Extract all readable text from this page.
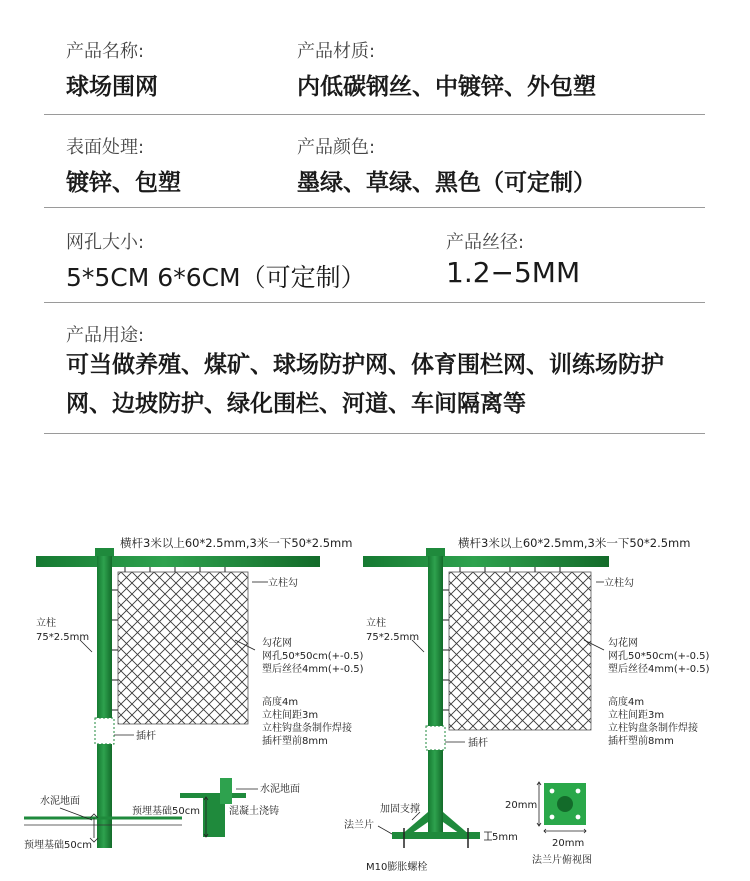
产品名称:
球场围网
产品材质:
内低碳钢丝、中镀锌、外包塑
表面处理:
镀锌、包塑
产品颜色:
墨绿、草绿、黑色（可定制）
网孔大小:
5*5CM 6*6CM（可定制）
产品丝径:
1.2−5MM
产品用途:
可当做养殖、煤矿、球场防护网、体育围栏网、训练场防护网、边坡防护、绿化围栏、河道、车间隔离等
横杆3米以上60*2.5mm,3米一下50*2.5mm
立柱勾
立柱
75*2.5mm
勾花网
网孔50*50cm(+-0.5)
塑后丝径4mm(+-0.5)
高度4m
立柱间距3m
立柱钩盘条制作焊接
插杆塑前8mm
插杆
水泥地面
预埋基础50cm
水泥地面
预埋基础50cm	混凝土浇铸
横杆3米以上60*2.5mm,3米一下50*2.5mm
立柱勾
立柱
75*2.5mm
勾花网
网孔50*50cm(+-0.5)
塑后丝径4mm(+-0.5)
高度4m
立柱间距3m
立柱钩盘条制作焊接
插杆塑前8mm
插杆
加固支撑
法兰片
5mm
M10膨胀螺栓
20mm
20mm
法兰片俯视图
